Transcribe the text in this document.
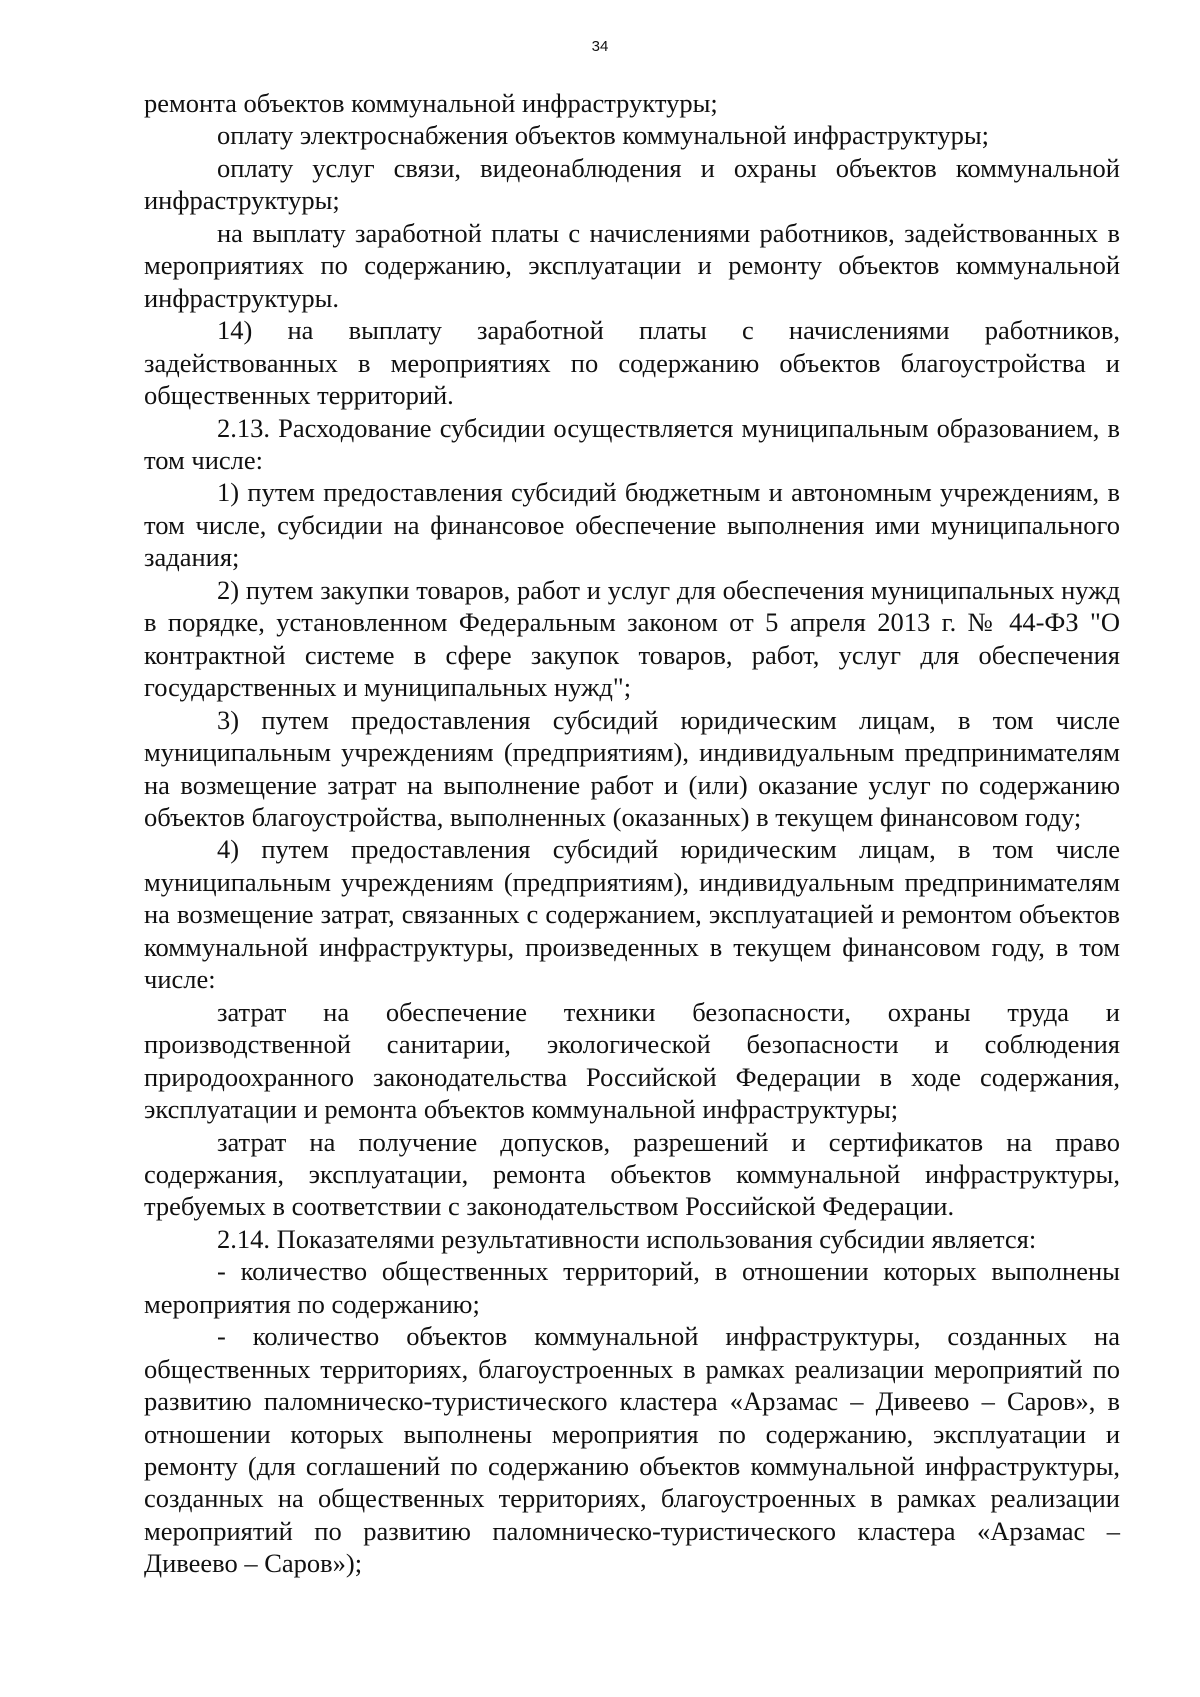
34

ремонта объектов коммунальной инфраструктуры;

оплату электроснабжения объектов коммунальной инфраструктуры;

оплату услуг связи, видеонаблюдения и охраны объектов коммунальной инфраструктуры;

на выплату заработной платы с начислениями работников, задействованных в мероприятиях по содержанию, эксплуатации и ремонту объектов коммунальной инфраструктуры.

14) на выплату заработной платы с начислениями работников, задействованных в мероприятиях по содержанию объектов благоустройства и общественных территорий.

2.13. Расходование субсидии осуществляется муниципальным образованием, в том числе:

1) путем предоставления субсидий бюджетным и автономным учреждениям, в том числе, субсидии на финансовое обеспечение выполнения ими муниципального задания;

2) путем закупки товаров, работ и услуг для обеспечения муниципальных нужд в порядке, установленном Федеральным законом от 5 апреля 2013 г. № 44-ФЗ "О контрактной системе в сфере закупок товаров, работ, услуг для обеспечения государственных и муниципальных нужд";

3) путем предоставления субсидий юридическим лицам, в том числе муниципальным учреждениям (предприятиям), индивидуальным предпринимателям на возмещение затрат на выполнение работ и (или) оказание услуг по содержанию объектов благоустройства, выполненных (оказанных) в текущем финансовом году;

4) путем предоставления субсидий юридическим лицам, в том числе муниципальным учреждениям (предприятиям), индивидуальным предпринимателям на возмещение затрат, связанных с содержанием, эксплуатацией и ремонтом объектов коммунальной инфраструктуры, произведенных в текущем финансовом году, в том числе:

затрат на обеспечение техники безопасности, охраны труда и производственной санитарии, экологической безопасности и соблюдения природоохранного законодательства Российской Федерации в ходе содержания, эксплуатации и ремонта объектов коммунальной инфраструктуры;

затрат на получение допусков, разрешений и сертификатов на право содержания, эксплуатации, ремонта объектов коммунальной инфраструктуры, требуемых в соответствии с законодательством Российской Федерации.

2.14. Показателями результативности использования субсидии является:

- количество общественных территорий, в отношении которых выполнены мероприятия по содержанию;

- количество объектов коммунальной инфраструктуры, созданных на общественных территориях, благоустроенных в рамках реализации мероприятий по развитию паломническо-туристического кластера «Арзамас – Дивеево – Саров», в отношении которых выполнены мероприятия по содержанию, эксплуатации и ремонту (для соглашений по содержанию объектов коммунальной инфраструктуры, созданных на общественных территориях, благоустроенных в рамках реализации мероприятий по развитию паломническо-туристического кластера «Арзамас – Дивеево – Саров»);
